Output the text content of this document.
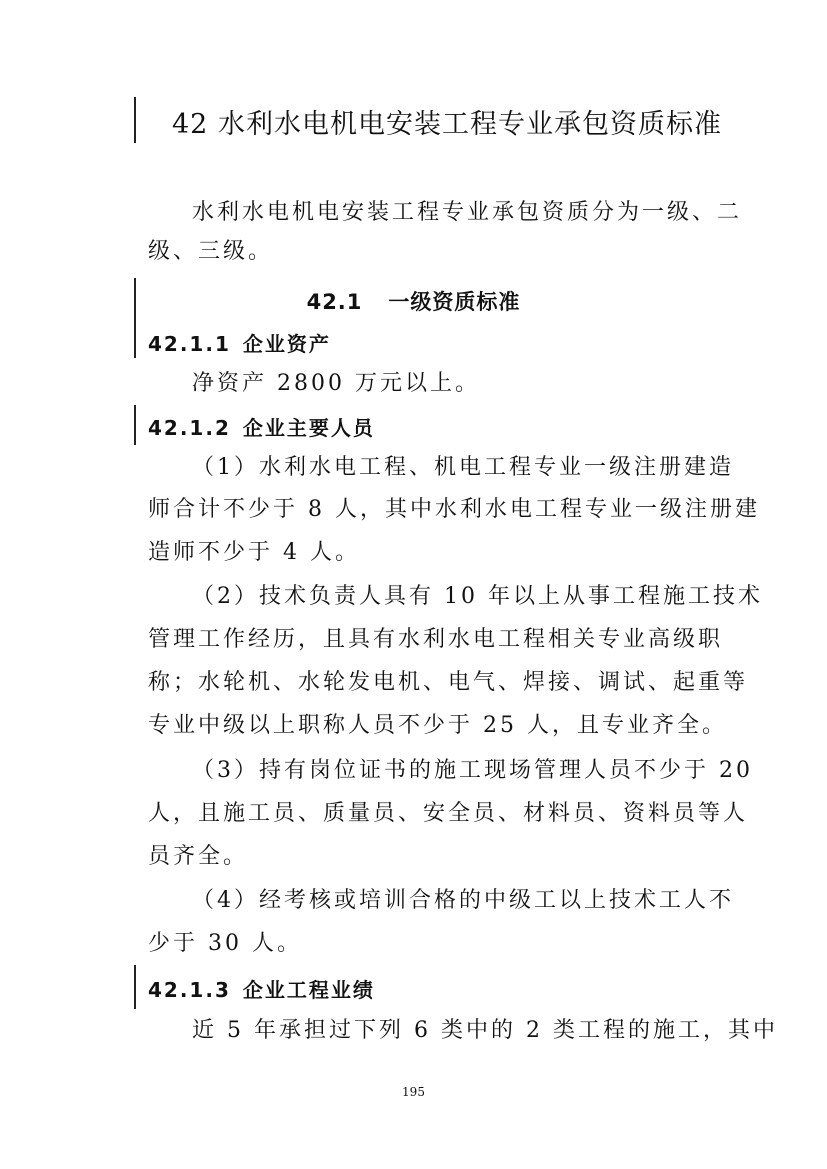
42 水利水电机电安装工程专业承包资质标准
水利水电机电安装工程专业承包资质分为一级、二
级、三级。
42.1 一级资质标准
42.1.1 企业资产
净资产 2800 万元以上。
42.1.2 企业主要人员
（1）水利水电工程、机电工程专业一级注册建造
师合计不少于 8 人，其中水利水电工程专业一级注册建
造师不少于 4 人。
（2）技术负责人具有 10 年以上从事工程施工技术
管理工作经历，且具有水利水电工程相关专业高级职
称；水轮机、水轮发电机、电气、焊接、调试、起重等
专业中级以上职称人员不少于 25 人，且专业齐全。
（3）持有岗位证书的施工现场管理人员不少于 20
人，且施工员、质量员、安全员、材料员、资料员等人
员齐全。
（4）经考核或培训合格的中级工以上技术工人不
少于 30 人。
42.1.3 企业工程业绩
近 5 年承担过下列 6 类中的 2 类工程的施工，其中
195
